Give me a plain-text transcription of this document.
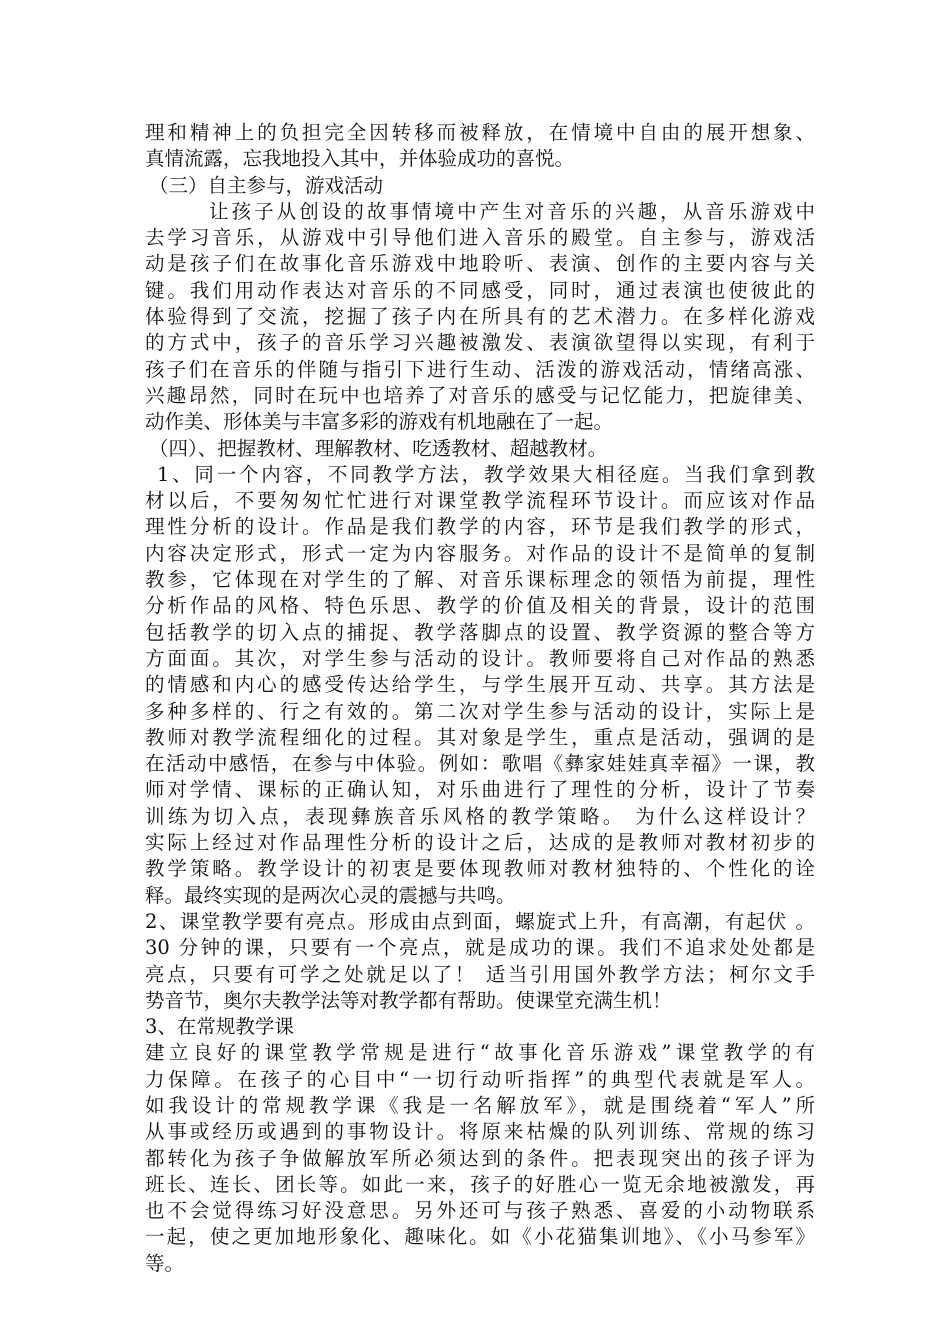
理和精神上的负担完全因转移而被释放，在情境中自由的展开想象、
真情流露，忘我地投入其中，并体验成功的喜悦。
（三）自主参与，游戏活动
让孩子从创设的故事情境中产生对音乐的兴趣，从音乐游戏中
去学习音乐，从游戏中引导他们进入音乐的殿堂。自主参与，游戏活
动是孩子们在故事化音乐游戏中地聆听、表演、创作的主要内容与关
键。我们用动作表达对音乐的不同感受，同时，通过表演也使彼此的
体验得到了交流，挖掘了孩子内在所具有的艺术潜力。在多样化游戏
的方式中，孩子的音乐学习兴趣被激发、表演欲望得以实现，有利于
孩子们在音乐的伴随与指引下进行生动、活泼的游戏活动，情绪高涨、
兴趣昂然，同时在玩中也培养了对音乐的感受与记忆能力，把旋律美、
动作美、形体美与丰富多彩的游戏有机地融在了一起。
（四）、把握教材、理解教材、吃透教材、超越教材。
1、同一个内容，不同教学方法，教学效果大相径庭。当我们拿到教
材以后，不要匆匆忙忙进行对课堂教学流程环节设计。而应该对作品
理性分析的设计。作品是我们教学的内容，环节是我们教学的形式，
内容决定形式，形式一定为内容服务。对作品的设计不是简单的复制
教参，它体现在对学生的了解、对音乐课标理念的领悟为前提，理性
分析作品的风格、特色乐思、教学的价值及相关的背景，设计的范围
包括教学的切入点的捕捉、教学落脚点的设置、教学资源的整合等方
方面面。其次，对学生参与活动的设计。教师要将自己对作品的熟悉
的情感和内心的感受传达给学生，与学生展开互动、共享。其方法是
多种多样的、行之有效的。第二次对学生参与活动的设计，实际上是
教师对教学流程细化的过程。其对象是学生，重点是活动，强调的是
在活动中感悟，在参与中体验。例如：歌唱《彝家娃娃真幸福》一课，教
师对学情、课标的正确认知，对乐曲进行了理性的分析，设计了节奏
训练为切入点，表现彝族音乐风格的教学策略。 为什么这样设计？
实际上经过对作品理性分析的设计之后，达成的是教师对教材初步的
教学策略。教学设计的初衷是要体现教师对教材独特的、个性化的诠
释。最终实现的是两次心灵的震撼与共鸣。
2、课堂教学要有亮点。形成由点到面，螺旋式上升，有高潮，有起伏 。
30 分钟的课，只要有一个亮点，就是成功的课。我们不追求处处都是
亮点，只要有可学之处就足以了！ 适当引用国外教学方法；柯尔文手
势音节，奥尔夫教学法等对教学都有帮助。使课堂充满生机！
3、在常规教学课
建立良好的课堂教学常规是进行“故事化音乐游戏”课堂教学的有
力保障。在孩子的心目中“一切行动听指挥”的典型代表就是军人。
如我设计的常规教学课《我是一名解放军》，就是围绕着“军人”所
从事或经历或遇到的事物设计。将原来枯燥的队列训练、常规的练习
都转化为孩子争做解放军所必须达到的条件。把表现突出的孩子评为
班长、连长、团长等。如此一来，孩子的好胜心一览无余地被激发，再
也不会觉得练习好没意思。另外还可与孩子熟悉、喜爱的小动物联系
一起，使之更加地形象化、趣味化。如《小花猫集训地》、《小马参军》
等。
